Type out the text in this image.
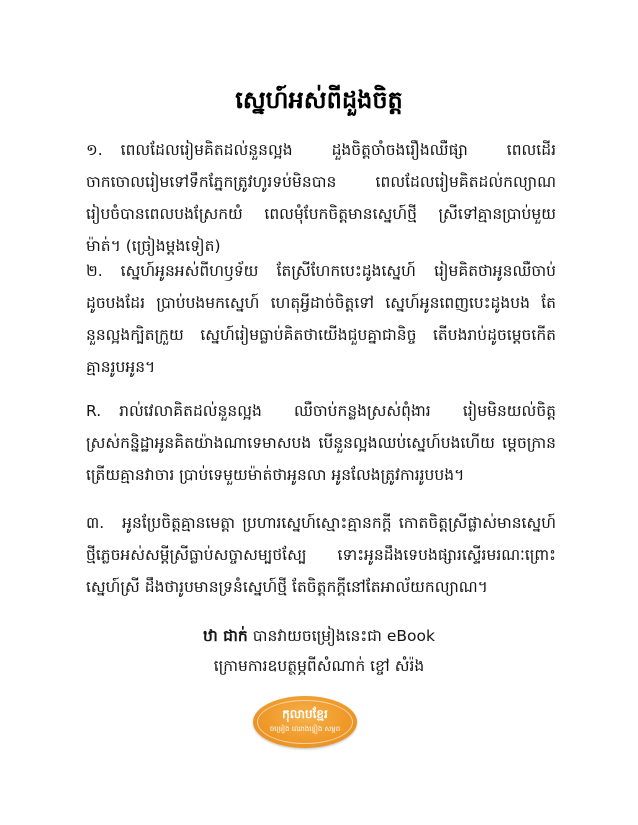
ស្នេហ៍អស់ពីដួងចិត្ត
១. ពេលដែលរៀមគិតដល់នួនល្អង ដួងចិត្តចាំចងរឿងឈឺផ្សា ពេលដើរចាកចោលរៀមទៅទឹកភ្នែកត្រូវហូរទប់មិនបាន ពេលដែលរៀមគិតដល់កល្យាណ រៀបចំបានពេលបងស្រែកយំ ពេលមុំបែកចិត្តមានស្នេហ៍ថ្មី ស្រីទៅគ្មានប្រាប់មួយម៉ាត់។ (ច្រៀងម្តងទៀត)
២. ស្នេហ៍អូនអស់ពីហឫទ័យ តែស្រីហែកបេះដូងស្នេហ៍ រៀមគិតថាអូនឈឺចាប់ដូចបងដែរ ប្រាប់បងមកស្នេហ៍ ហេតុអ្វីដាច់ចិត្តទៅ ស្នេហ៍អូនពេញបេះដូងបង តែនួនល្អងក្បិតក្រួយ ស្នេហ៍រៀមធ្លាប់គិតថាយើងជួបគ្នាជានិច្ច តើបងរាប់ដូចម្តេចកើតគ្មានរូបអូន។
R. រាល់វេលាគិតដល់នួនល្អង ឈឺចាប់កន្លងស្រស់ពុំងារ រៀមមិនយល់ចិត្តស្រស់កន្និដ្ឋាអូនគិតយ៉ាងណាទេមាសបង បើនួនល្អងឈប់ស្នេហ៍បងហើយ ម្តេចក្រានត្រើយគ្មានវាចារ ប្រាប់ទេមួយម៉ាត់ថាអូនលា អូនលែងត្រូវការរូបបង។
៣. អូនប្រែចិត្តគ្មានមេត្តា ប្រហារស្នេហ៍ស្មោះគ្មានកក្តី កោតចិត្តស្រីផ្លាស់មានស្នេហ៍ថ្មីភ្លេចអស់សម្តីស្រីធ្លាប់សច្ចាសម្បថស្បែ ទោះអូនដឹងទេបងផ្សារស្ទើរមរណៈព្រោះស្នេហ៍ស្រី ដឹងថារូបមានទ្រនំស្នេហ៍ថ្មី តែចិត្តកក្តីនៅតែអាល័យកល្យាណ។
ឋា ជាក់ បានវាយចម្រៀងនេះជា eBook
ក្រោមការឧបត្ថម្ភពីសំណាក់ ខ្ចៅ សំរ៉ង
កុលាបខ្មែរ
ចម្រៀង ឈោងខ្ទៀង សម្ភព
